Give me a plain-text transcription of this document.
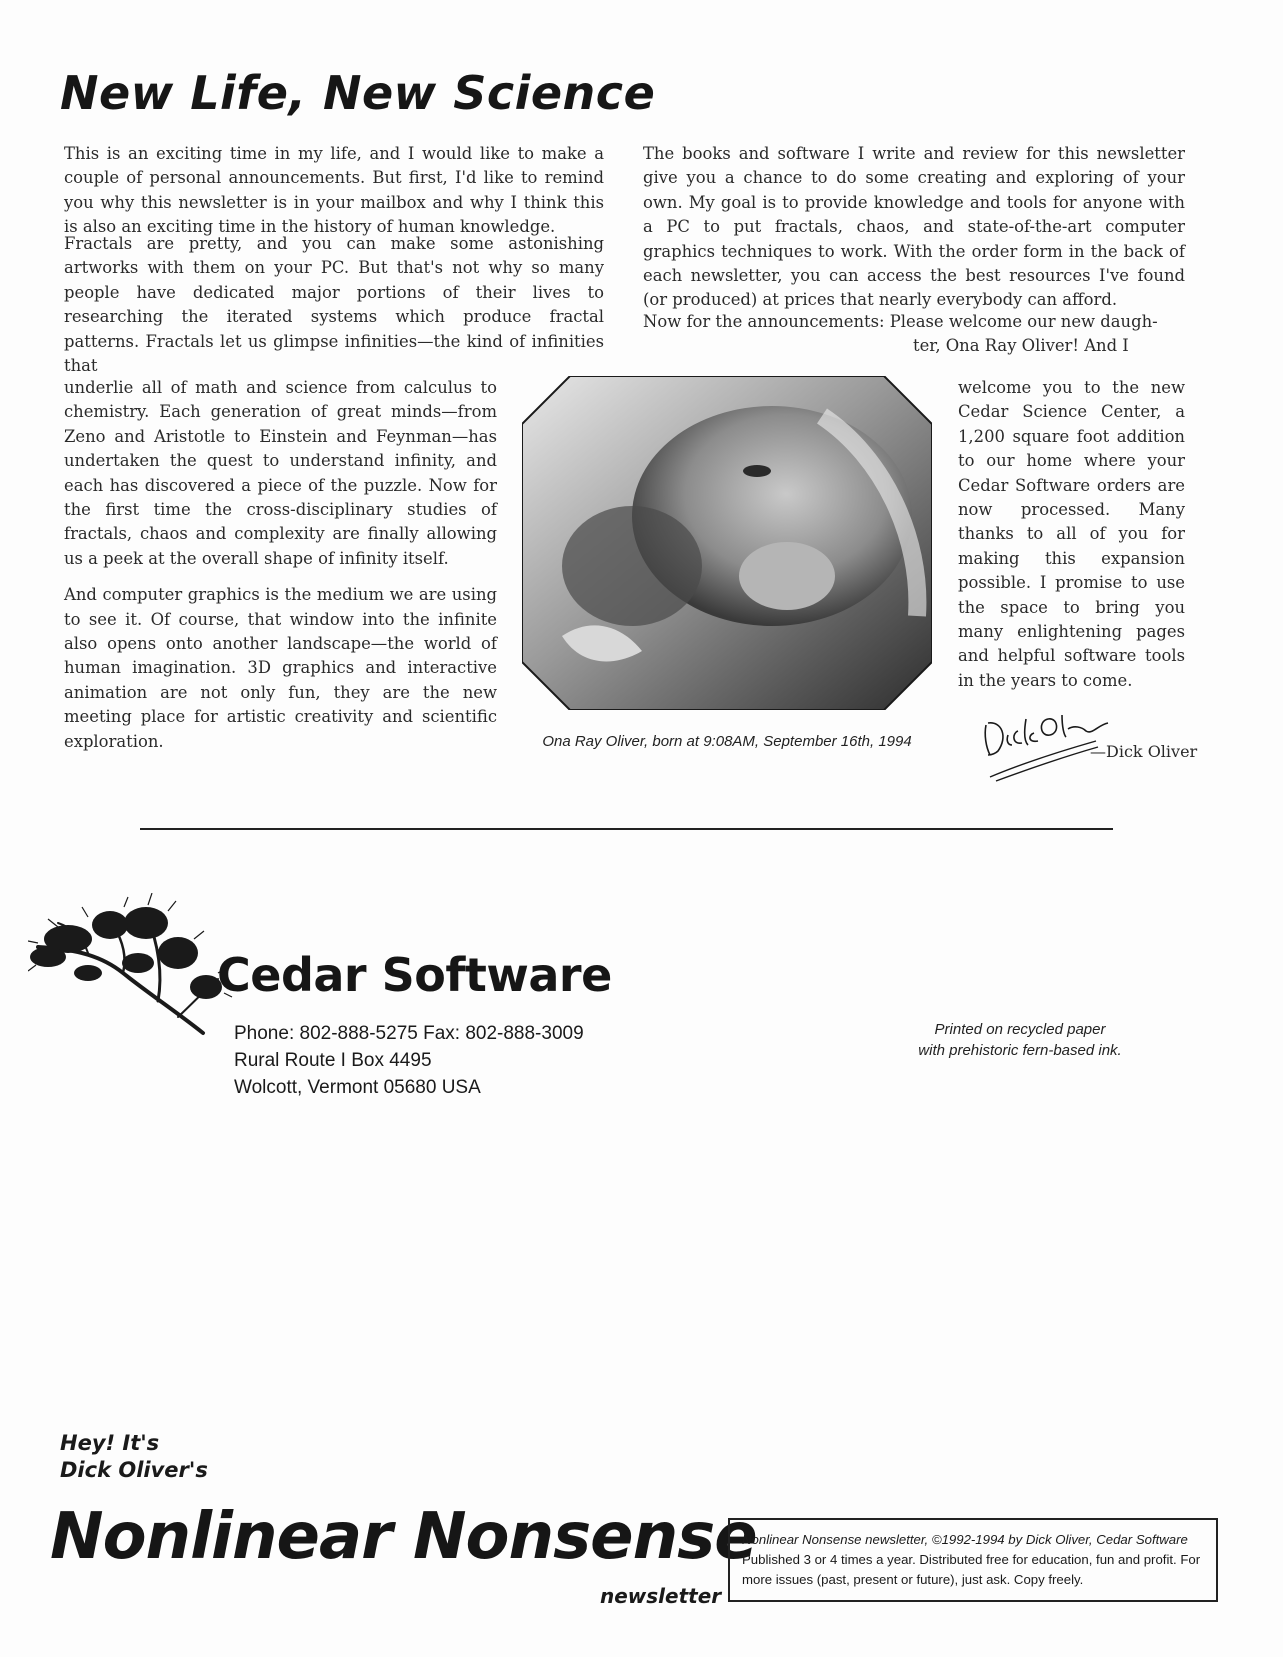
New Life, New Science

This is an exciting time in my life, and I would like to make a couple of personal announcements. But first, I'd like to remind you why this newsletter is in your mailbox and why I think this is also an exciting time in the history of human knowledge.

Fractals are pretty, and you can make some astonishing artworks with them on your PC. But that's not why so many people have dedicated major portions of their lives to researching the iterated systems which produce fractal patterns. Fractals let us glimpse infinities—the kind of infinities that

underlie all of math and science from calculus to chemistry. Each generation of great minds—from Zeno and Aristotle to Einstein and Feynman—has undertaken the quest to understand infinity, and each has discovered a piece of the puzzle. Now for the first time the cross-disciplinary studies of fractals, chaos and complexity are finally allowing us a peek at the overall shape of infinity itself.

And computer graphics is the medium we are using to see it. Of course, that window into the infinite also opens onto another landscape—the world of human imagination. 3D graphics and interactive animation are not only fun, they are the new meeting place for artistic creativity and scientific exploration.

The books and software I write and review for this newsletter give you a chance to do some creating and exploring of your own. My goal is to provide knowledge and tools for anyone with a PC to put fractals, chaos, and state-of-the-art computer graphics techniques to work. With the order form in the back of each newsletter, you can access the best resources I've found (or produced) at prices that nearly everybody can afford.

Now for the announcements: Please welcome our new daugh-
ter, Ona Ray Oliver! And I

welcome you to the new Cedar Science Center, a 1,200 square foot addition to our home where your Cedar Software orders are now processed. Many thanks to all of you for making this expansion possible. I promise to use the space to bring you many enlightening pages and helpful software tools in the years to come.

Ona Ray Oliver, born at 9:08AM, September 16th, 1994
—Dick Oliver
Cedar Software
Phone: 802-888-5275 Fax: 802-888-3009
Rural Route I Box 4495
Wolcott, Vermont 05680 USA
Printed on recycled paper
with prehistoric fern-based ink.
Hey! It's
Dick Oliver's
Nonlinear Nonsense
newsletter
Nonlinear Nonsense newsletter, ©1992-1994 by Dick Oliver, Cedar Software
Published 3 or 4 times a year. Distributed free for education, fun and profit. For more issues (past, present or future), just ask. Copy freely.
